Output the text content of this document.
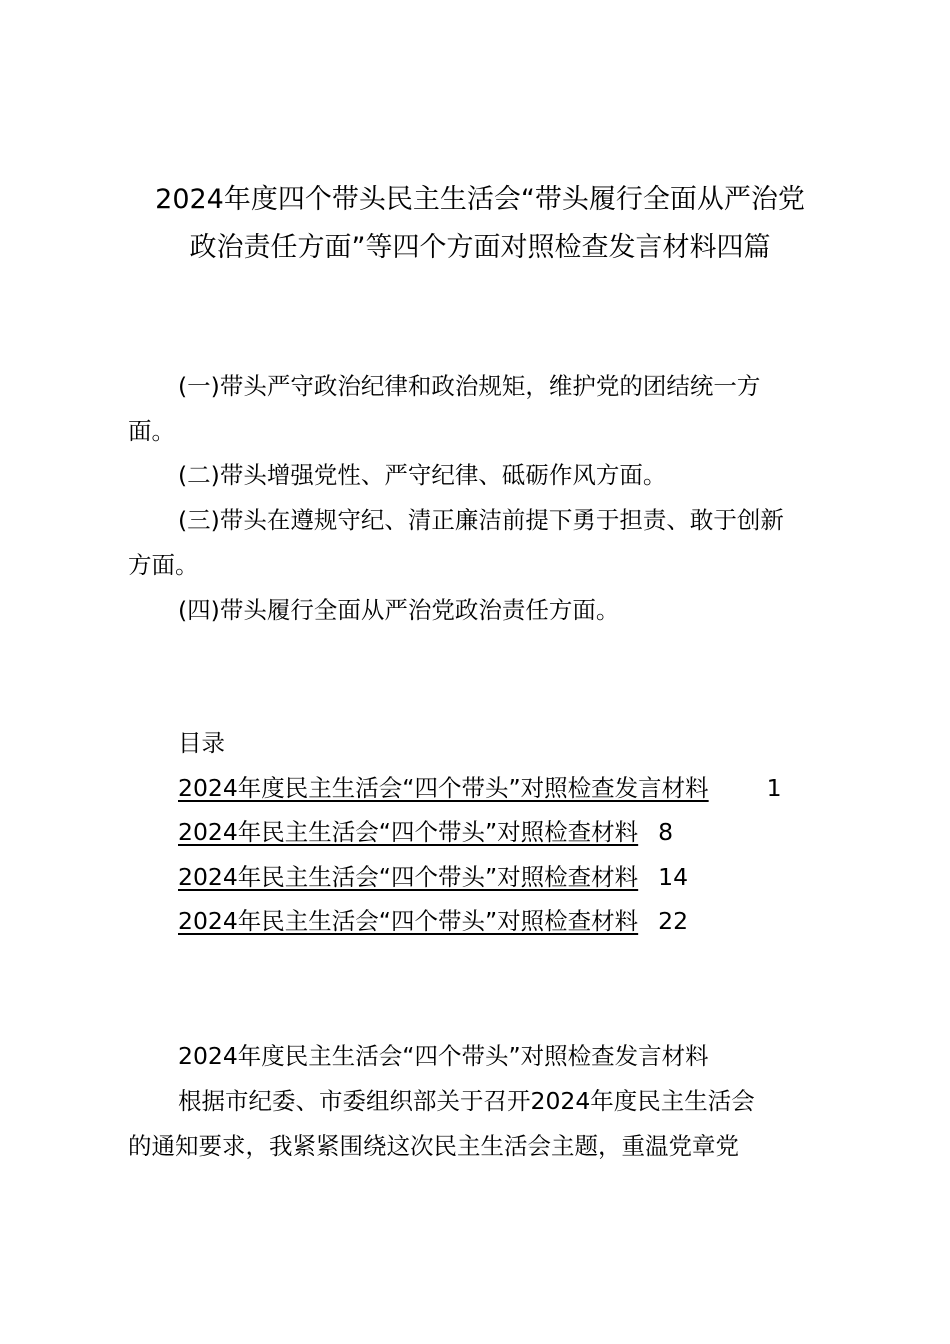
2024年度四个带头民主生活会“带头履行全面从严治党
政治责任方面”等四个方面对照检查发言材料四篇
(一)带头严守政治纪律和政治规矩，维护党的团结统一方
面。
(二)带头增强党性、严守纪律、砥砺作风方面。
(三)带头在遵规守纪、清正廉洁前提下勇于担责、敢于创新
方面。
(四)带头履行全面从严治党政治责任方面。
目录
2024年度民主生活会“四个带头”对照检查发言材料 1
2024年民主生活会“四个带头”对照检查材料 8
2024年民主生活会“四个带头”对照检查材料 14
2024年民主生活会“四个带头”对照检查材料 22
2024年度民主生活会“四个带头”对照检查发言材料
根据市纪委、市委组织部关于召开2024年度民主生活会
的通知要求，我紧紧围绕这次民主生活会主题，重温党章党
